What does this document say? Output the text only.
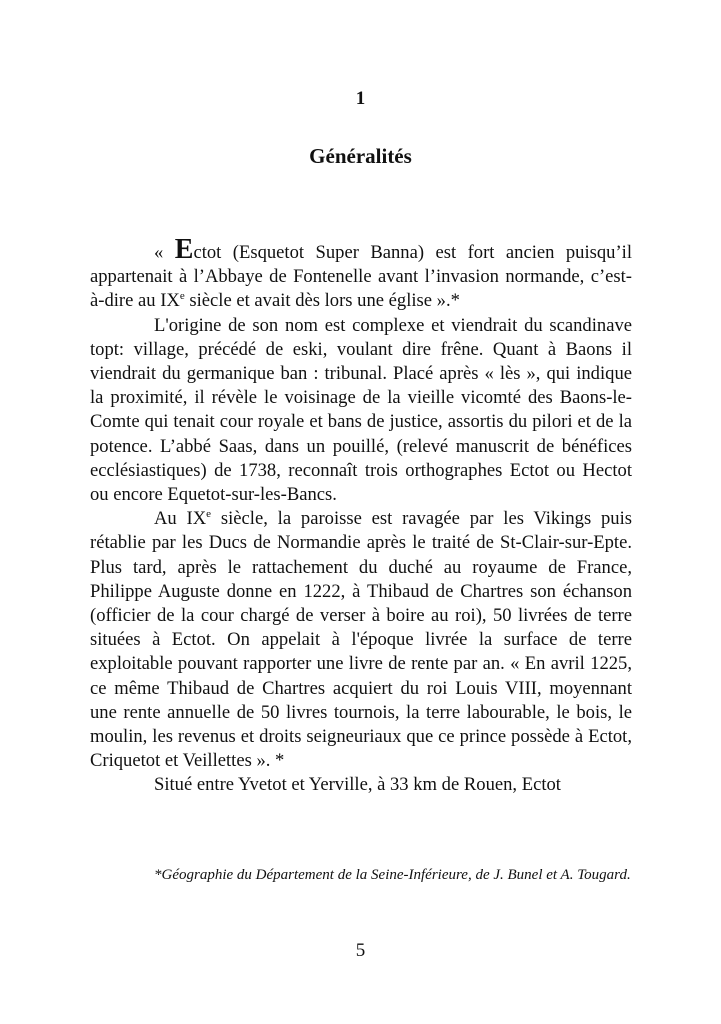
1
Généralités

« Ectot (Esquetot Super Banna) est fort ancien puisqu’il appartenait à l’Abbaye de Fontenelle avant l’invasion normande, c’est-à-dire au IXe siècle et avait dès lors une église ».*

L'origine de son nom est complexe et viendrait du scandinave topt: village, précédé de eski, voulant dire frêne. Quant à Baons il viendrait du germanique ban : tribunal. Placé après « lès », qui indique la proximité, il révèle le voisinage de la vieille vicomté des Baons-le-Comte qui tenait cour royale et bans de justice, assortis du pilori et de la potence. L’abbé Saas, dans un pouillé, (relevé manuscrit de bénéfices ecclésiastiques) de 1738, reconnaît trois orthographes Ectot ou Hectot ou encore Equetot-sur-les-Bancs.

Au IXe siècle, la paroisse est ravagée par les Vikings puis rétablie par les Ducs de Normandie après le traité de St-Clair-sur-Epte. Plus tard, après le rattachement du duché au royaume de France, Philippe Auguste donne en 1222, à Thibaud de Chartres son échanson (officier de la cour chargé de verser à boire au roi), 50 livrées de terre situées à Ectot. On appelait à l'époque livrée la surface de terre exploitable pouvant rapporter une livre de rente par an. « En avril 1225, ce même Thibaud de Chartres acquiert du roi Louis VIII, moyennant une rente annuelle de 50 livres tournois, la terre labourable, le bois, le moulin, les revenus et droits seigneuriaux que ce prince possède à Ectot, Criquetot et Veillettes ». *

Situé entre Yvetot et Yerville, à 33 km de Rouen, Ectot

*Géographie du Département de la Seine-Inférieure, de J. Bunel et A. Tougard.

5
